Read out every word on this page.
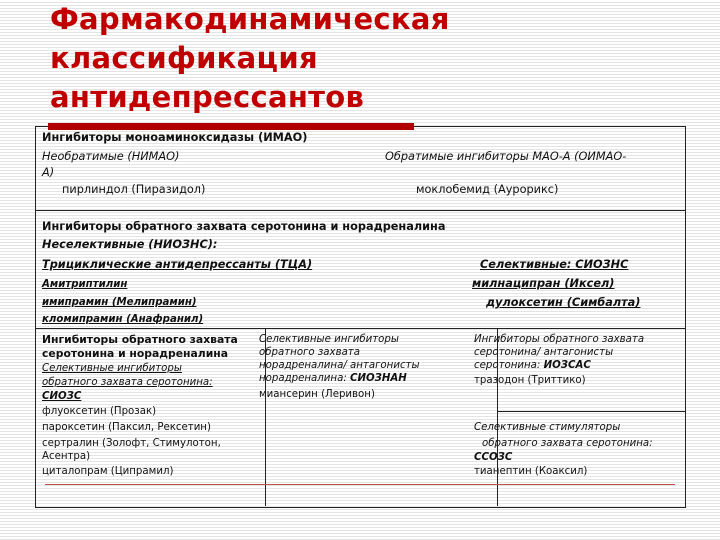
Фармакодинамическая
классификация
антидепрессантов
Ингибиторы моноаминоксидазы (ИМАО)
Необратимые (НИМАО)
А)
Обратимые ингибиторы МАО-А (ОИМАО-
пирлиндол (Пиразидол)	моклобемид (Аурорикс)
Ингибиторы обратного захвата серотонина и норадреналина
Неселективные (НИОЗНС):
Трициклические антидепрессанты (ТЦА)	Селективные: СИОЗНС
Амитриптилин
имипрамин (Мелипрамин)
кломипрамин (Анафранил)
милнаципран (Иксел)
дулоксетин (Симбалта)
Ингибиторы обратного захвата
серотонина и норадреналина
Селективные ингибиторы
обратного захвата серотонина:
СИОЗС
флуоксетин (Прозак)
пароксетин (Паксил, Рексетин)
сертралин (Золофт, Стимулотон,
Асентра)
циталопрам (Ципрамил)
Селективные ингибиторы
обратного захвата
норадреналина/ антагонисты
норадреналина: СИОЗНАН
миансерин (Леривон)
Ингибиторы обратного захвата
серотонина/ антагонисты
серотонина: ИОЗСАС
тразодон (Триттико)
Селективные стимуляторы
обратного захвата серотонина:
ССОЗС
тианептин (Коаксил)
